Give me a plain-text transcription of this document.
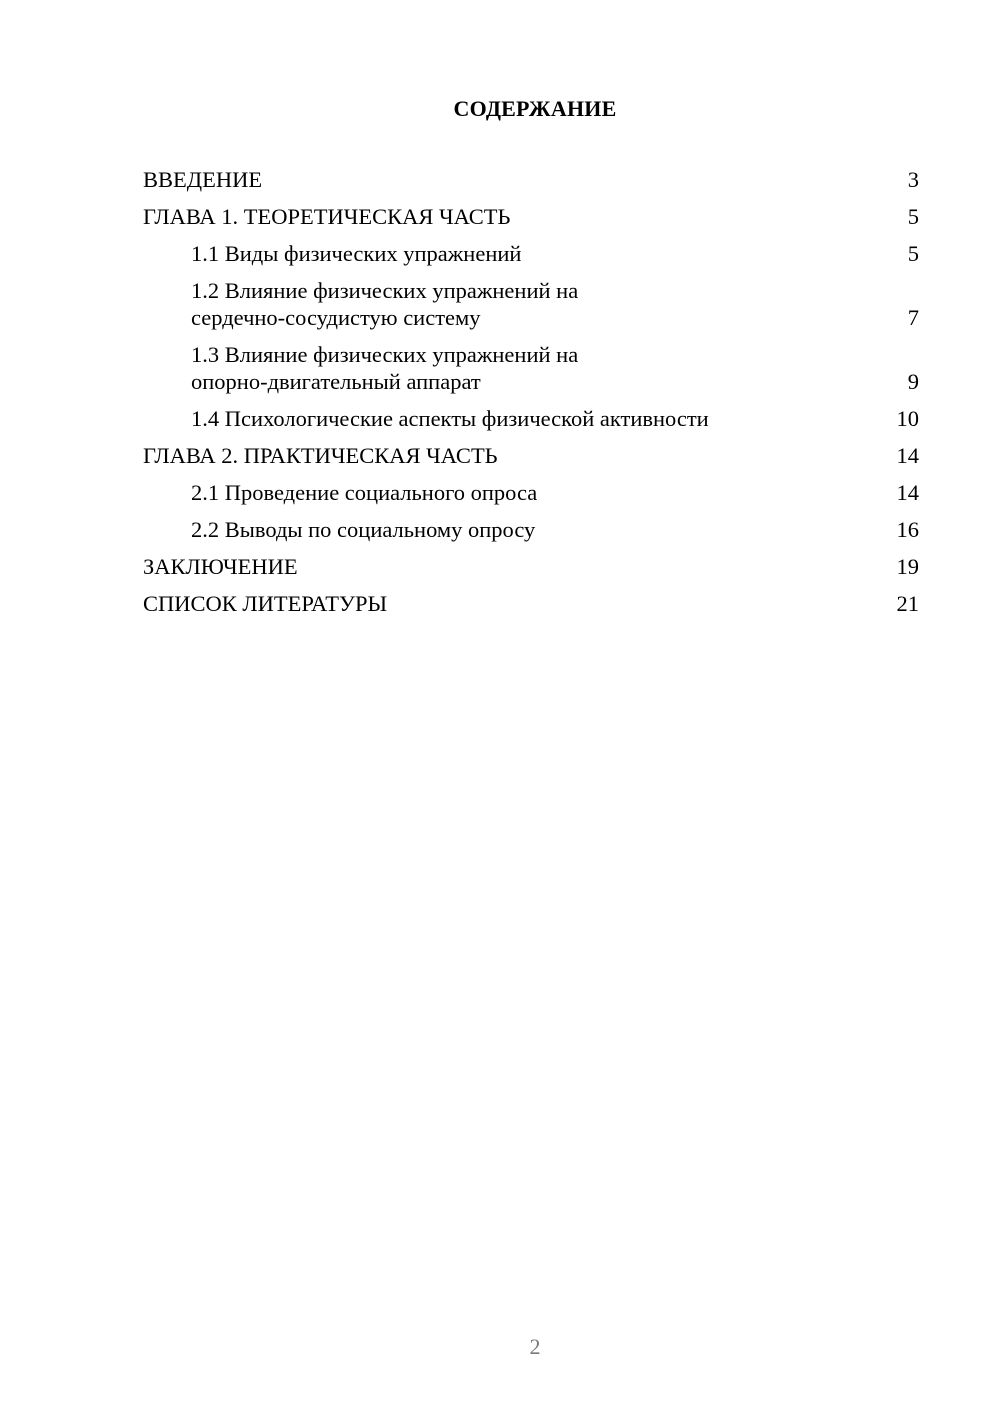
СОДЕРЖАНИЕ
ВВЕДЕНИЕ	3
ГЛАВА 1. ТЕОРЕТИЧЕСКАЯ ЧАСТЬ	5
1.1 Виды физических упражнений	5
1.2 Влияние физических упражнений на
сердечно-сосудистую систему	7
1.3 Влияние физических упражнений на
опорно-двигательный аппарат	9
1.4 Психологические аспекты физической активности	10
ГЛАВА 2. ПРАКТИЧЕСКАЯ ЧАСТЬ	14
2.1 Проведение социального опроса	14
2.2 Выводы по социальному опросу	16
ЗАКЛЮЧЕНИЕ	19
СПИСОК ЛИТЕРАТУРЫ	21
2
